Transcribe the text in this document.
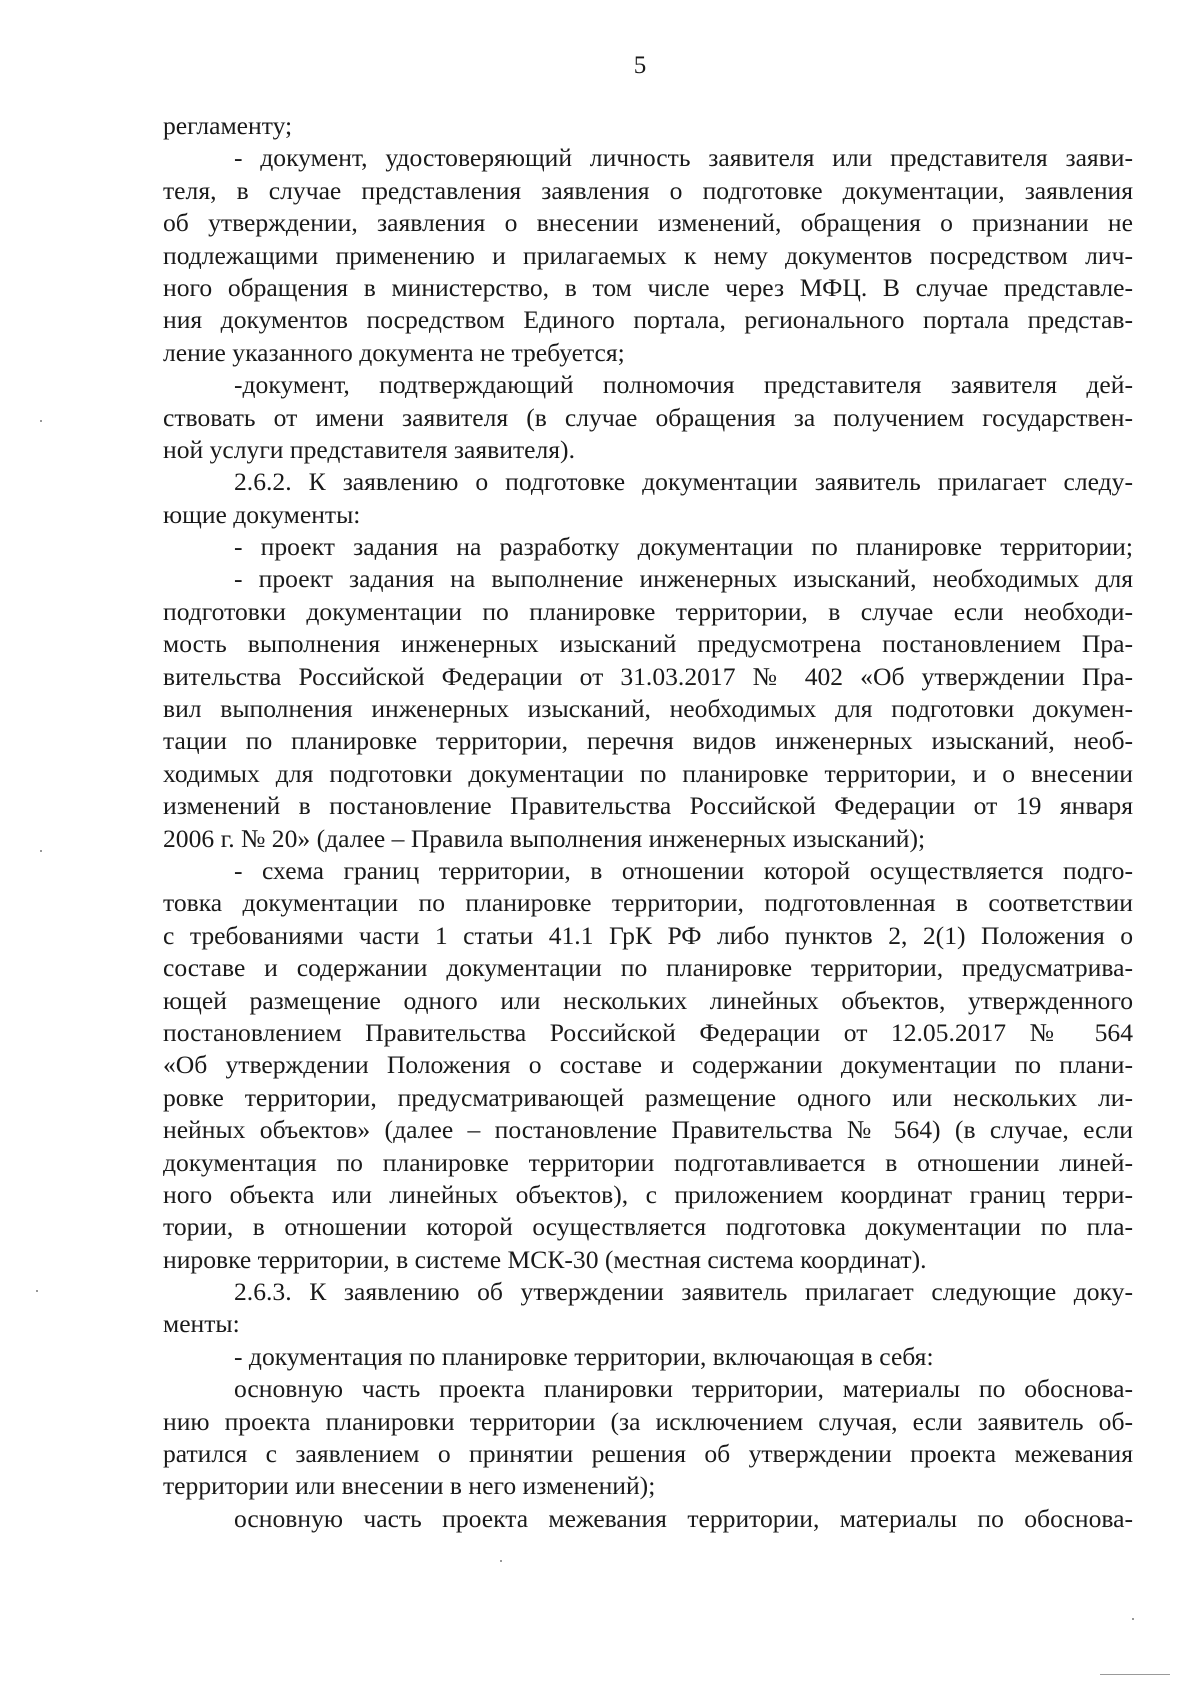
5
регламенту;
- документ, удостоверяющий личность заявителя или представителя заяви-
теля, в случае представления заявления о подготовке документации, заявления
об утверждении, заявления о внесении изменений, обращения о признании не
подлежащими применению и прилагаемых к нему документов посредством лич-
ного обращения в министерство, в том числе через МФЦ. В случае представле-
ния документов посредством Единого портала, регионального портала представ-
ление указанного документа не требуется;
-документ, подтверждающий полномочия представителя заявителя дей-
ствовать от имени заявителя (в случае обращения за получением государствен-
ной услуги представителя заявителя).
2.6.2. К заявлению о подготовке документации заявитель прилагает следу-
ющие документы:
- проект задания на разработку документации по планировке территории;
- проект задания на выполнение инженерных изысканий, необходимых для
подготовки документации по планировке территории, в случае если необходи-
мость выполнения инженерных изысканий предусмотрена постановлением Пра-
вительства Российской Федерации от 31.03.2017 № 402 «Об утверждении Пра-
вил выполнения инженерных изысканий, необходимых для подготовки докумен-
тации по планировке территории, перечня видов инженерных изысканий, необ-
ходимых для подготовки документации по планировке территории, и о внесении
изменений в постановление Правительства Российской Федерации от 19 января
2006 г. № 20» (далее – Правила выполнения инженерных изысканий);
- схема границ территории, в отношении которой осуществляется подго-
товка документации по планировке территории, подготовленная в соответствии
с требованиями части 1 статьи 41.1 ГрК РФ либо пунктов 2, 2(1) Положения о
составе и содержании документации по планировке территории, предусматрива-
ющей размещение одного или нескольких линейных объектов, утвержденного
постановлением Правительства Российской Федерации от 12.05.2017 № 564
«Об утверждении Положения о составе и содержании документации по плани-
ровке территории, предусматривающей размещение одного или нескольких ли-
нейных объектов» (далее – постановление Правительства № 564) (в случае, если
документация по планировке территории подготавливается в отношении линей-
ного объекта или линейных объектов), с приложением координат границ терри-
тории, в отношении которой осуществляется подготовка документации по пла-
нировке территории, в системе МСК-30 (местная система координат).
2.6.3. К заявлению об утверждении заявитель прилагает следующие доку-
менты:
- документация по планировке территории, включающая в себя:
основную часть проекта планировки территории, материалы по обоснова-
нию проекта планировки территории (за исключением случая, если заявитель об-
ратился с заявлением о принятии решения об утверждении проекта межевания
территории или внесении в него изменений);
основную часть проекта межевания территории, материалы по обоснова-
